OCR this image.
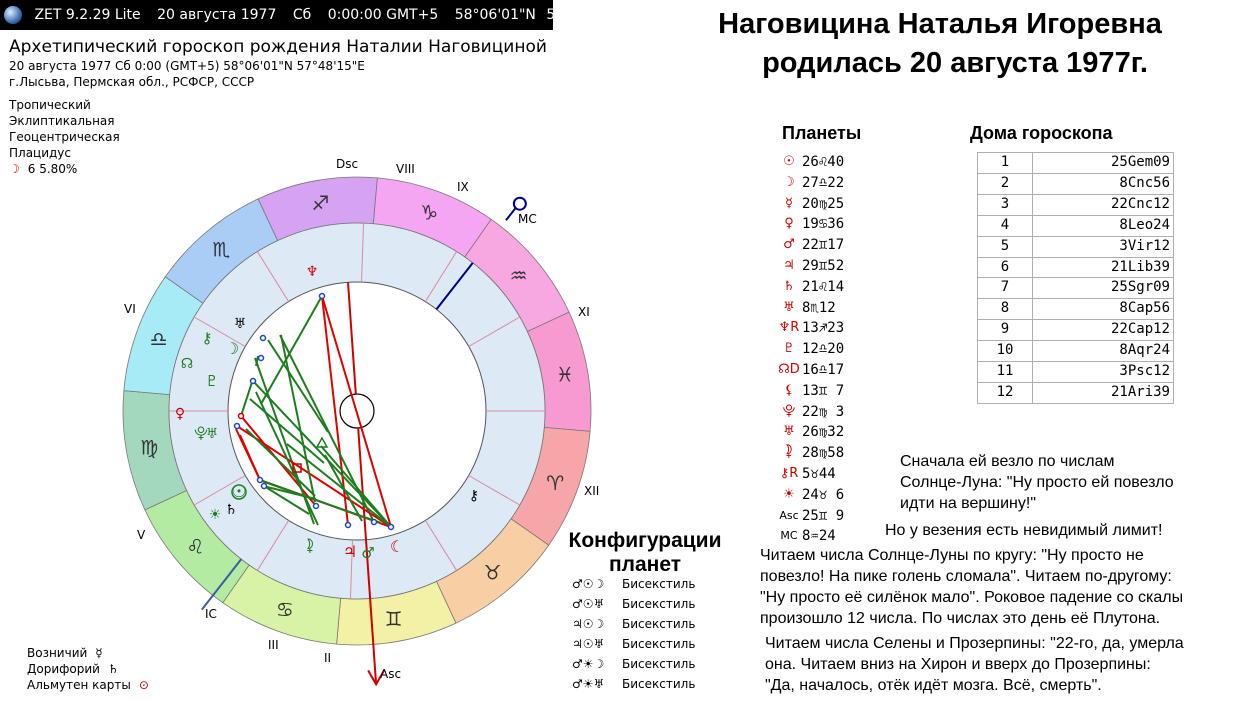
ZET 9.2.29 Lite 20 августа 1977 Сб 0:00:00 GMT+5 58°06'01"N 57°48'15"E
Архетипический гороскоп рождения Наталии Наговициной
20 августа 1977 Сб 0:00 (GMT+5) 58°06'01"N 57°48'15"E
г.Лысьва, Пермская обл., РСФСР, СССР
Тропический
Эклиптикальная
Геоцентрическая
Плацидус
☽ 6 5.80%
Наговицина Наталья Игоревна
родилась 20 августа 1977г.
♐	♑
♒
♓
♈
♉
♊
♋
♌
♍
♎
♏
Dsc
MC
IC
Asc
VIII
IX
XI
XII
II
III
V
VI
♆
♅
⚷
♇
☊
☽
♀
⯓
♅
☉
☀ ♄
⯝ ♃ ♂ ☾
⚷
Планеты
☉ 26♌40
☽ 27♎22
☿ 20♍25
♀ 19♋36
♂ 22♊17
♃ 29♊52
♄ 21♌14
♅ 8♏12
♆R 13♐23
♇ 12♎20
☊D 16♎17
⚸ 13♊ 7
⯓ 22♍ 3
♅ 26♍32
⯝ 28♍58
⚷R 5♉44
☀ 24♉ 6
Asc 25♊ 9
MC 8♒24
Дома гороскопа
1	25Gem09
2	8Cnc56
3	22Cnc12
4	8Leo24
5	3Vir12
6	21Lib39
7	25Sgr09
8	8Cap56
9	22Cap12
10	8Aqr24
11	3Psc12
12	21Ari39
Сначала ей везло по числам
Солнце-Луна: "Ну просто ей повезло
идти на вершину!"
Но у везения есть невидимый лимит!
Читаем числа Солнце-Луны по кругу: "Ну просто не
повезло! На пике голень сломала". Читаем по-другому:
"Ну просто её силёнок мало". Роковое падение со скалы
произошло 12 числа. По числах это день её Плутона.
Читаем числа Селены и Прозерпины: "22-го, да, умерла
она. Читаем вниз на Хирон и вверх до Прозерпины:
"Да, началось, отёк идёт мозга. Всё, смерть".
Конфигурации
планет
♂☉☽	Бисекстиль
♂☉♅	Бисекстиль
♃☉☽	Бисекстиль
♃☉♅	Бисекстиль
♂☀☽	Бисекстиль
♂☀♅	Бисекстиль
Возничий ☿
Дорифорий ♄
Альмутен карты ⊙
